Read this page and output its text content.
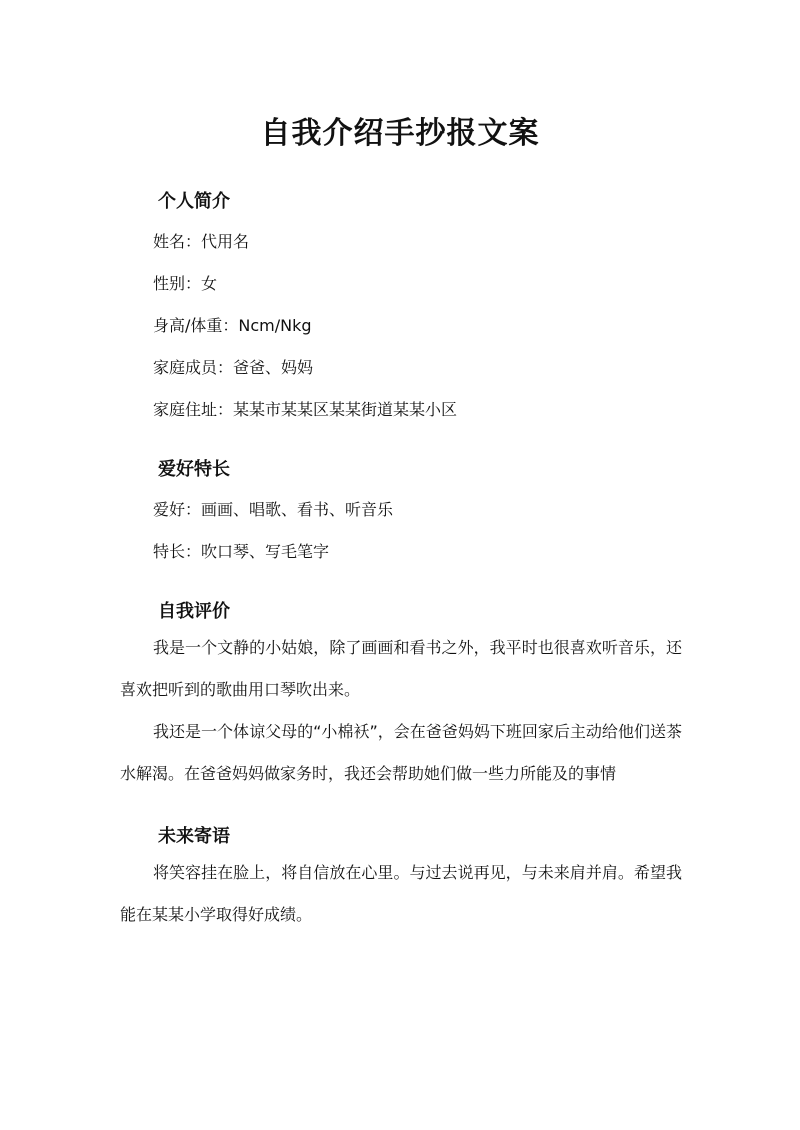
自我介绍手抄报文案
个人简介
姓名：代用名
性别：女
身高/体重：Ncm/Nkg
家庭成员：爸爸、妈妈
家庭住址：某某市某某区某某街道某某小区
爱好特长
爱好：画画、唱歌、看书、听音乐
特长：吹口琴、写毛笔字
自我评价

我是一个文静的小姑娘，除了画画和看书之外，我平时也很喜欢听音乐，还喜欢把听到的歌曲用口琴吹出来。

我还是一个体谅父母的“小棉袄”，会在爸爸妈妈下班回家后主动给他们送茶水解渴。在爸爸妈妈做家务时，我还会帮助她们做一些力所能及的事情

未来寄语

将笑容挂在脸上，将自信放在心里。与过去说再见，与未来肩并肩。希望我能在某某小学取得好成绩。
